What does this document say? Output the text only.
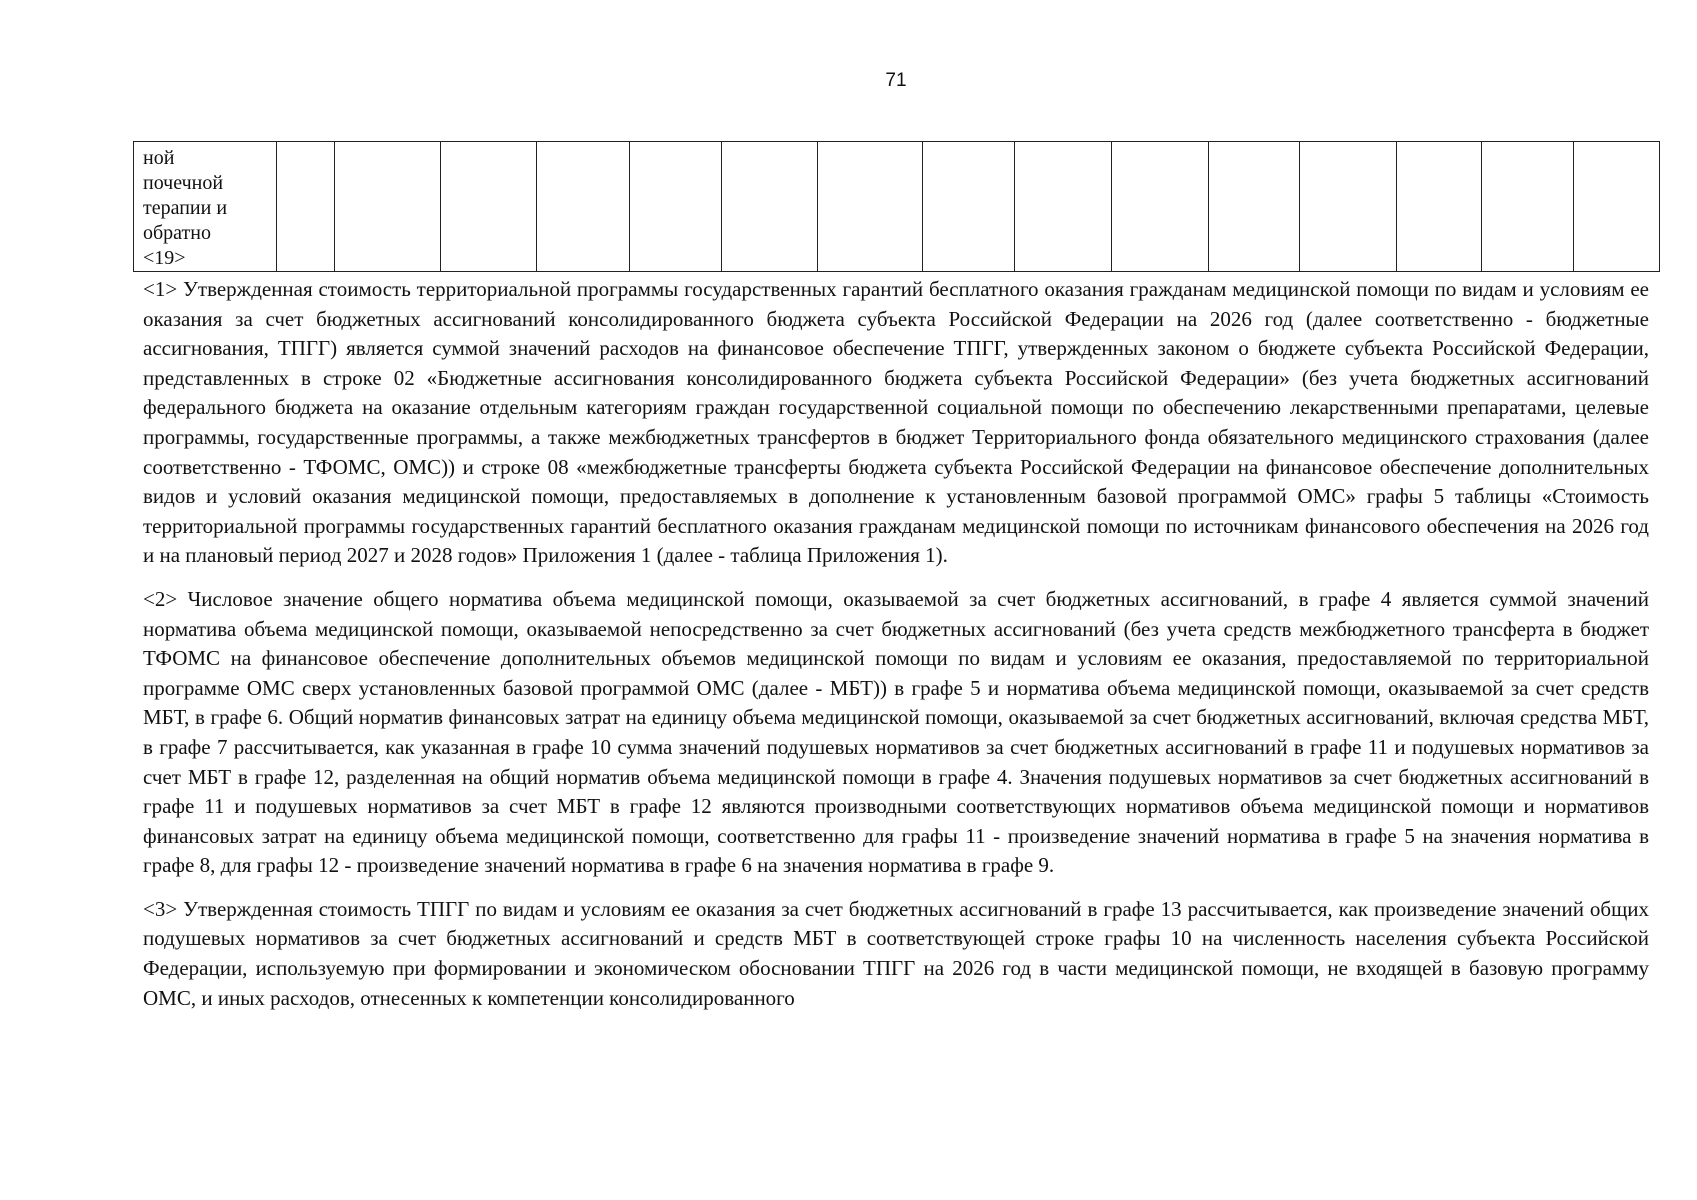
71
ной
почечной
терапии и
обратно
<19>

<1> Утвержденная стоимость территориальной программы государственных гарантий бесплатного оказания гражданам медицинской помощи по видам и условиям ее оказания за счет бюджетных ассигнований консолидированного бюджета субъекта Российской Федерации на 2026 год (далее соответственно - бюджетные ассигнования, ТПГГ) является суммой значений расходов на финансовое обеспечение ТПГГ, утвержденных законом о бюджете субъекта Российской Федерации, представленных в строке 02 «Бюджетные ассигнования консолидированного бюджета субъекта Российской Федерации» (без учета бюджетных ассигнований федерального бюджета на оказание отдельным категориям граждан государственной социальной помощи по обеспечению лекарственными препаратами, целевые программы, государственные программы, а также межбюджетных трансфертов в бюджет Территориального фонда обязательного медицинского страхования (далее соответственно - ТФОМС, ОМС)) и строке 08 «межбюджетные трансферты бюджета субъекта Российской Федерации на финансовое обеспечение дополнительных видов и условий оказания медицинской помощи, предоставляемых в дополнение к установленным базовой программой ОМС» графы 5 таблицы «Стоимость территориальной программы государственных гарантий бесплатного оказания гражданам медицинской помощи по источникам финансового обеспечения на 2026 год и на плановый период 2027 и 2028 годов» Приложения 1 (далее - таблица Приложения 1).

<2> Числовое значение общего норматива объема медицинской помощи, оказываемой за счет бюджетных ассигнований, в графе 4 является суммой значений норматива объема медицинской помощи, оказываемой непосредственно за счет бюджетных ассигнований (без учета средств межбюджетного трансферта в бюджет ТФОМС на финансовое обеспечение дополнительных объемов медицинской помощи по видам и условиям ее оказания, предоставляемой по территориальной программе ОМС сверх установленных базовой программой ОМС (далее - МБТ)) в графе 5 и норматива объема медицинской помощи, оказываемой за счет средств МБТ, в графе 6. Общий норматив финансовых затрат на единицу объема медицинской помощи, оказываемой за счет бюджетных ассигнований, включая средства МБТ, в графе 7 рассчитывается, как указанная в графе 10 сумма значений подушевых нормативов за счет бюджетных ассигнований в графе 11 и подушевых нормативов за счет МБТ в графе 12, разделенная на общий норматив объема медицинской помощи в графе 4. Значения подушевых нормативов за счет бюджетных ассигнований в графе 11 и подушевых нормативов за счет МБТ в графе 12 являются производными соответствующих нормативов объема медицинской помощи и нормативов финансовых затрат на единицу объема медицинской помощи, соответственно для графы 11 - произведение значений норматива в графе 5 на значения норматива в графе 8, для графы 12 - произведение значений норматива в графе 6 на значения норматива в графе 9.

<3> Утвержденная стоимость ТПГГ по видам и условиям ее оказания за счет бюджетных ассигнований в графе 13 рассчитывается, как произведение значений общих подушевых нормативов за счет бюджетных ассигнований и средств МБТ в соответствующей строке графы 10 на численность населения субъекта Российской Федерации, используемую при формировании и экономическом обосновании ТПГГ на 2026 год в части медицинской помощи, не входящей в базовую программу ОМС, и иных расходов, отнесенных к компетенции консолидированного
